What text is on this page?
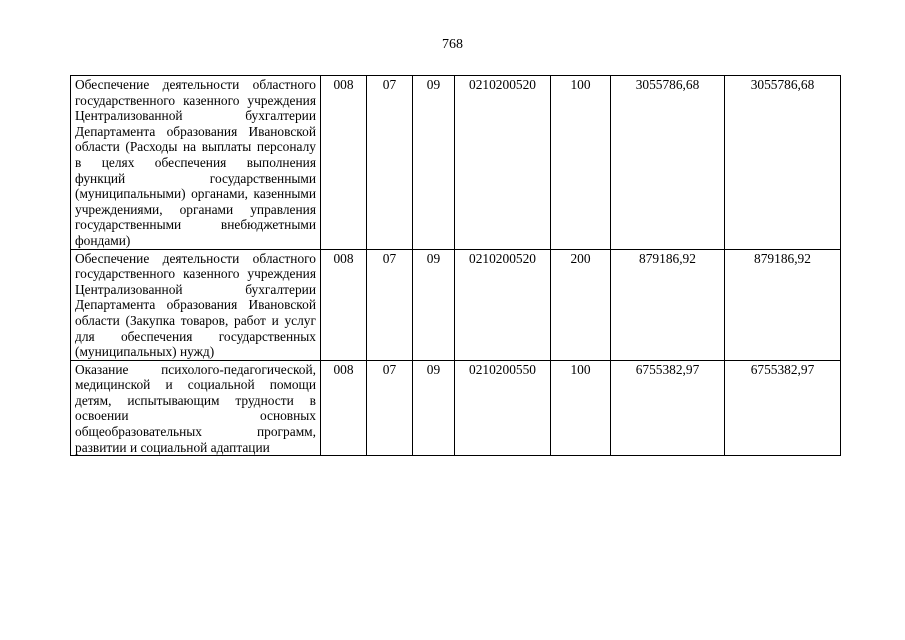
768
Обеспечение деятельности областного государственного казенного учреждения Централизованной бухгалтерии Департамента образования Ивановской области (Расходы на выплаты персоналу в целях обеспечения выполнения функций государственными (муниципальными) органами, казенными учреждениями, органами управления государственными внебюджетными фондами)	008	07	09	0210200520	100	3055786,68	3055786,68
Обеспечение деятельности областного государственного казенного учреждения Централизованной бухгалтерии Департамента образования Ивановской области (Закупка товаров, работ и услуг для обеспечения государственных (муниципальных) нужд)	008	07	09	0210200520	200	879186,92	879186,92
Оказание психолого-педагогической, медицинской и социальной помощи детям, испытывающим трудности в освоении основных общеобразовательных программ, развитии и социальной адаптации	008	07	09	0210200550	100	6755382,97	6755382,97
